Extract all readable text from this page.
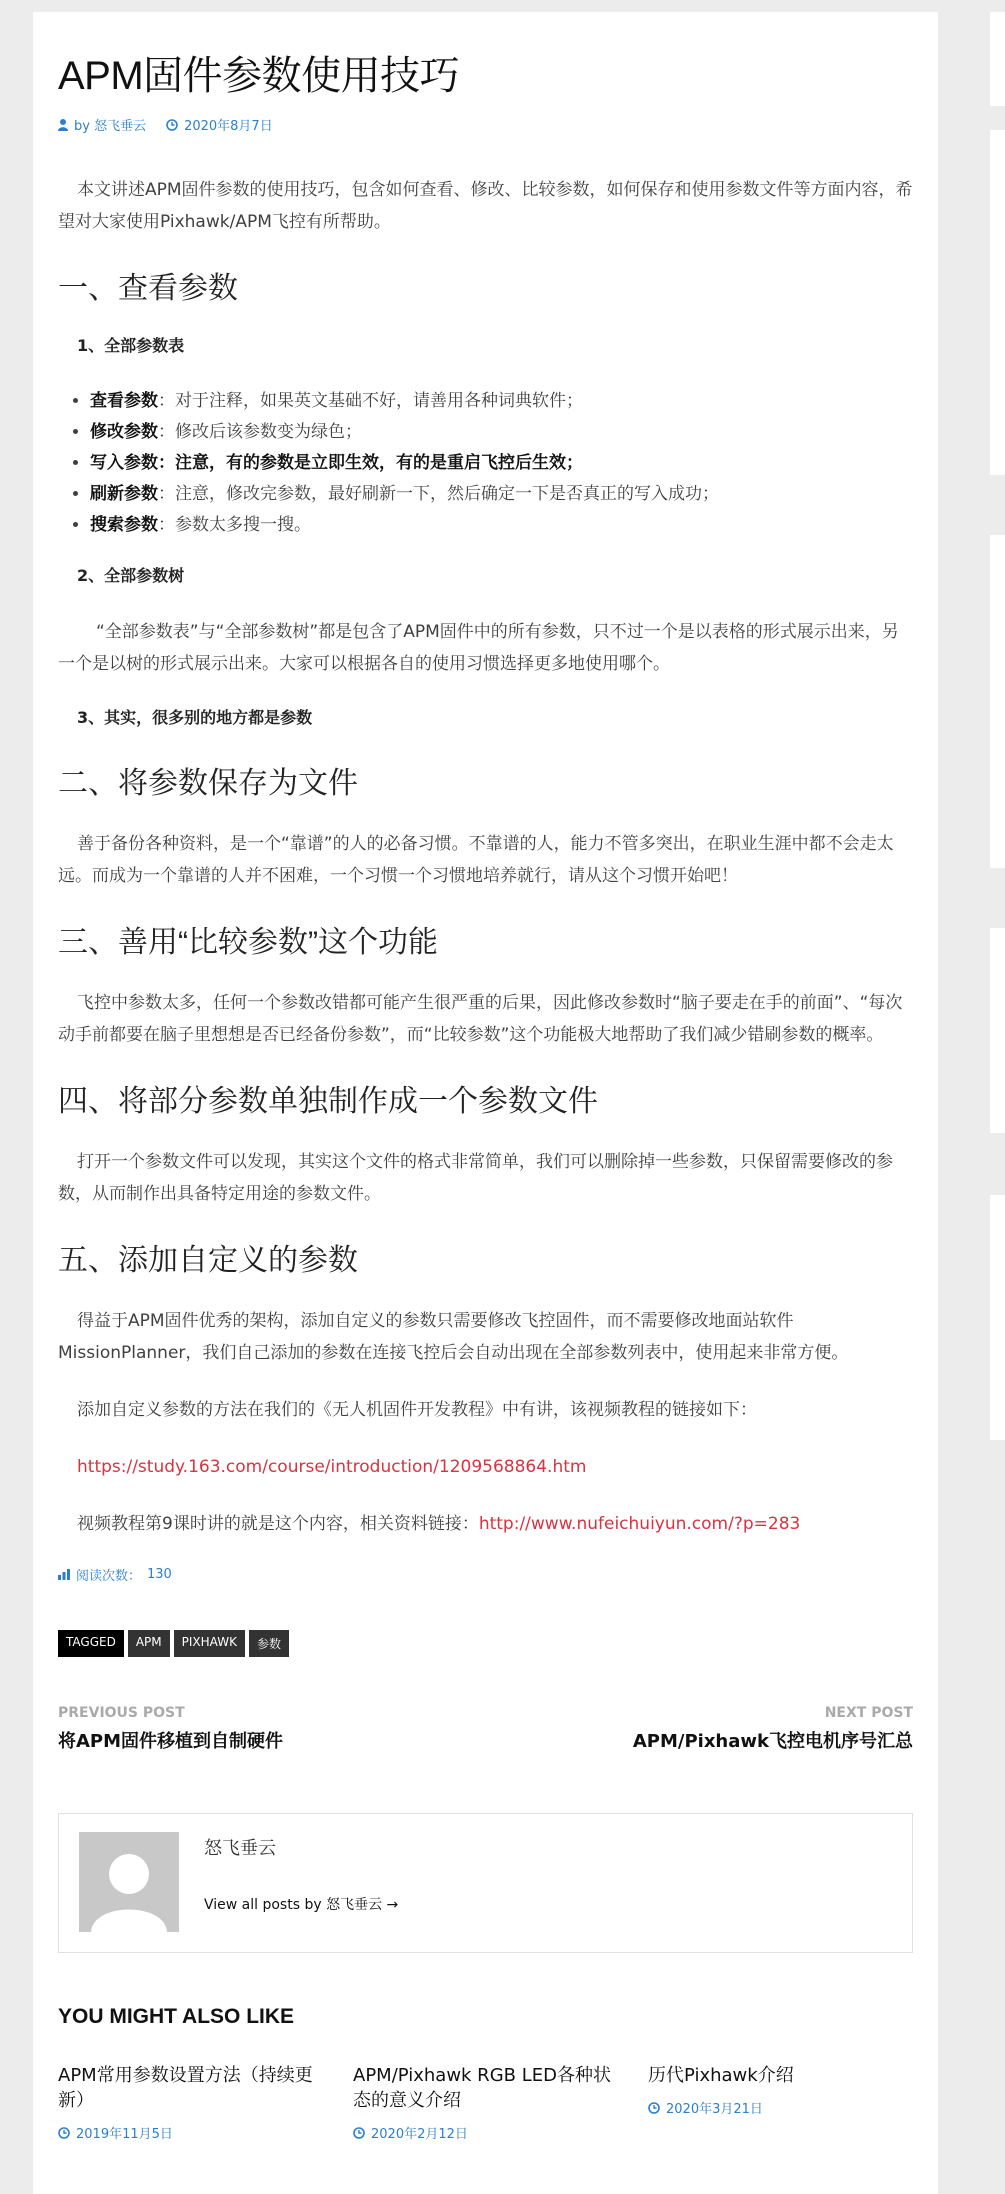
APM固件参数使用技巧
by 怒飞垂云	2020年8月7日

本文讲述APM固件参数的使用技巧，包含如何查看、修改、比较参数，如何保存和使用参数文件等方面内容，希望对大家使用Pixhawk/APM飞控有所帮助。

一、查看参数
1、全部参数表
• 查看参数：对于注释，如果英文基础不好，请善用各种词典软件；
• 修改参数：修改后该参数变为绿色；
• 写入参数：注意，有的参数是立即生效，有的是重启飞控后生效；
• 刷新参数：注意，修改完参数，最好刷新一下，然后确定一下是否真正的写入成功；
• 搜索参数：参数太多搜一搜。
2、全部参数树

“全部参数表”与“全部参数树”都是包含了APM固件中的所有参数，只不过一个是以表格的形式展示出来，另一个是以树的形式展示出来。大家可以根据各自的使用习惯选择更多地使用哪个。

3、其实，很多别的地方都是参数
二、将参数保存为文件

善于备份各种资料，是一个“靠谱”的人的必备习惯。不靠谱的人，能力不管多突出，在职业生涯中都不会走太远。而成为一个靠谱的人并不困难，一个习惯一个习惯地培养就行，请从这个习惯开始吧！

三、善用“比较参数”这个功能

飞控中参数太多，任何一个参数改错都可能产生很严重的后果，因此修改参数时“脑子要走在手的前面”、“每次动手前都要在脑子里想想是否已经备份参数”，而“比较参数”这个功能极大地帮助了我们减少错刷参数的概率。

四、将部分参数单独制作成一个参数文件

打开一个参数文件可以发现，其实这个文件的格式非常简单，我们可以删除掉一些参数，只保留需要修改的参数，从而制作出具备特定用途的参数文件。

五、添加自定义的参数

得益于APM固件优秀的架构，添加自定义的参数只需要修改飞控固件，而不需要修改地面站软件MissionPlanner，我们自己添加的参数在连接飞控后会自动出现在全部参数列表中，使用起来非常方便。

添加自定义参数的方法在我们的《无人机固件开发教程》中有讲，该视频教程的链接如下：

https://study.163.com/course/introduction/1209568864.htm

视频教程第9课时讲的就是这个内容，相关资料链接：http://www.nufeichuiyun.com/?p=283

阅读次数： 130
TAGGED	APM	PIXHAWK	参数
PREVIOUS POST
将APM固件移植到自制硬件
NEXT POST
APM/Pixhawk飞控电机序号汇总
怒飞垂云
View all posts by 怒飞垂云 →
YOU MIGHT ALSO LIKE
APM常用参数设置方法（持续更新）
2019年11月5日
APM/Pixhawk RGB LED各种状态的意义介绍
2020年2月12日
历代Pixhawk介绍
2020年3月21日
